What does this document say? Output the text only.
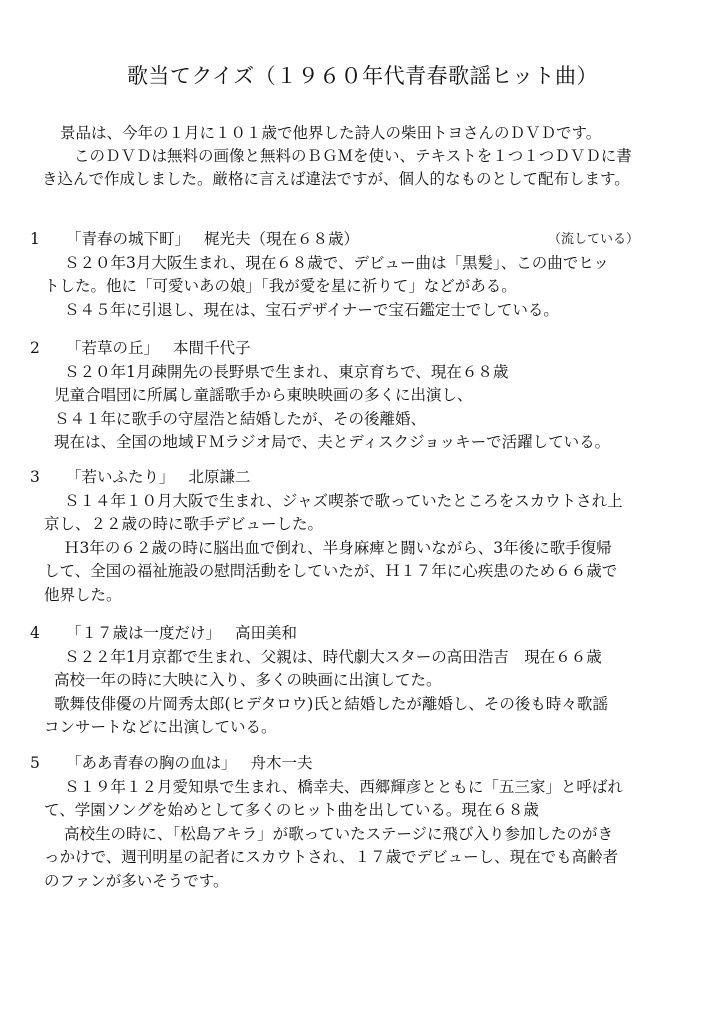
歌当てクイズ（１９６０年代青春歌謡ヒット曲）
景品は、今年の１月に１０１歳で他界した詩人の柴田トヨさんのＤＶＤです。
このＤＶＤは無料の画像と無料のＢＧＭを使い、テキストを１つ１つＤＶＤに書
き込んで作成しました。厳格に言えば違法ですが、個人的なものとして配布します。
1 「青春の城下町」 梶光夫（現在６８歳）	（流している）
Ｓ２０年3月大阪生まれ、現在６８歳で、デビュー曲は「黒髪」、この曲でヒッ
トした。他に「可愛いあの娘」「我が愛を星に祈りて」などがある。
Ｓ４５年に引退し、現在は、宝石デザイナーで宝石鑑定士でしている。
2 「若草の丘」 本間千代子
Ｓ２０年1月疎開先の長野県で生まれ、東京育ちで、現在６８歳
児童合唱団に所属し童謡歌手から東映映画の多くに出演し、
Ｓ４１年に歌手の守屋浩と結婚したが、その後離婚、
現在は、全国の地域ＦＭラジオ局で、夫とディスクジョッキーで活躍している。
3 「若いふたり」 北原謙二
Ｓ１４年１０月大阪で生まれ、ジャズ喫茶で歌っていたところをスカウトされ上
京し、２２歳の時に歌手デビューした。
Ｈ3年の６２歳の時に脳出血で倒れ、半身麻痺と闘いながら、3年後に歌手復帰
して、全国の福祉施設の慰問活動をしていたが、Ｈ１７年に心疾患のため６６歳で
他界した。
4 「１７歳は一度だけ」 高田美和
Ｓ２２年1月京都で生まれ、父親は、時代劇大スターの高田浩吉　現在６６歳
高校一年の時に大映に入り、多くの映画に出演してた。
歌舞伎俳優の片岡秀太郎(ヒデタロウ)氏と結婚したが離婚し、その後も時々歌謡
コンサートなどに出演している。
5 「ああ青春の胸の血は」 舟木一夫
Ｓ１９年１２月愛知県で生まれ、橋幸夫、西郷輝彦とともに「五三家」と呼ばれ
て、学園ソングを始めとして多くのヒット曲を出している。現在６８歳
高校生の時に、「松島アキラ」が歌っていたステージに飛び入り参加したのがき
っかけで、週刊明星の記者にスカウトされ、１７歳でデビューし、現在でも高齢者
のファンが多いそうです。
